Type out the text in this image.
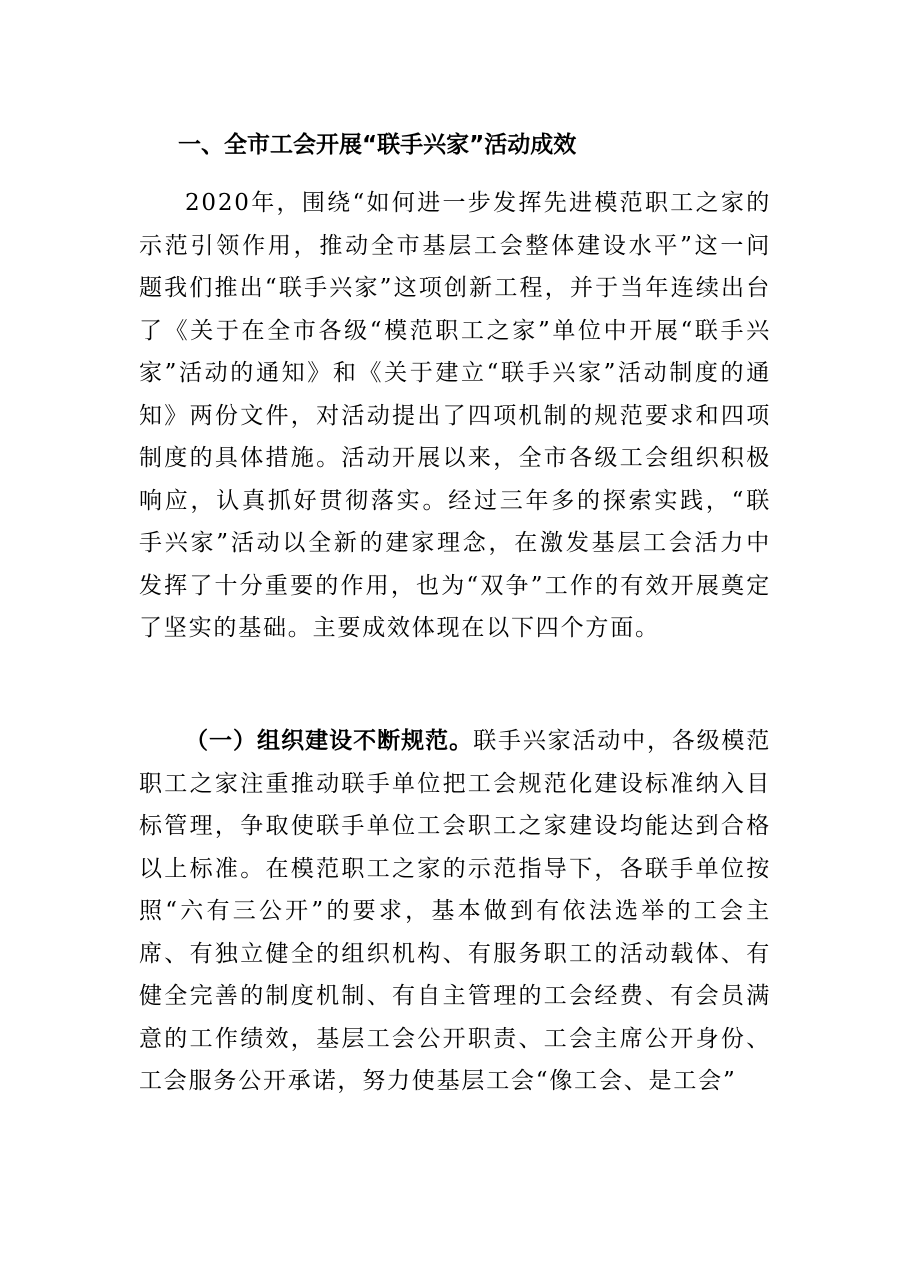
一、全市工会开展“联手兴家”活动成效

2020年，围绕“如何进一步发挥先进模范职工之家的示范引领作用，推动全市基层工会整体建设水平”这一问题我们推出“联手兴家”这项创新工程，并于当年连续出台了《关于在全市各级“模范职工之家”单位中开展“联手兴家”活动的通知》和《关于建立“联手兴家”活动制度的通知》两份文件，对活动提出了四项机制的规范要求和四项制度的具体措施。活动开展以来，全市各级工会组织积极响应，认真抓好贯彻落实。经过三年多的探索实践，“联手兴家”活动以全新的建家理念，在激发基层工会活力中发挥了十分重要的作用，也为“双争”工作的有效开展奠定了坚实的基础。主要成效体现在以下四个方面。

（一）组织建设不断规范。联手兴家活动中，各级模范职工之家注重推动联手单位把工会规范化建设标准纳入目标管理，争取使联手单位工会职工之家建设均能达到合格以上标准。在模范职工之家的示范指导下，各联手单位按照“六有三公开”的要求，基本做到有依法选举的工会主席、有独立健全的组织机构、有服务职工的活动载体、有健全完善的制度机制、有自主管理的工会经费、有会员满意的工作绩效，基层工会公开职责、工会主席公开身份、工会服务公开承诺，努力使基层工会“像工会、是工会”
